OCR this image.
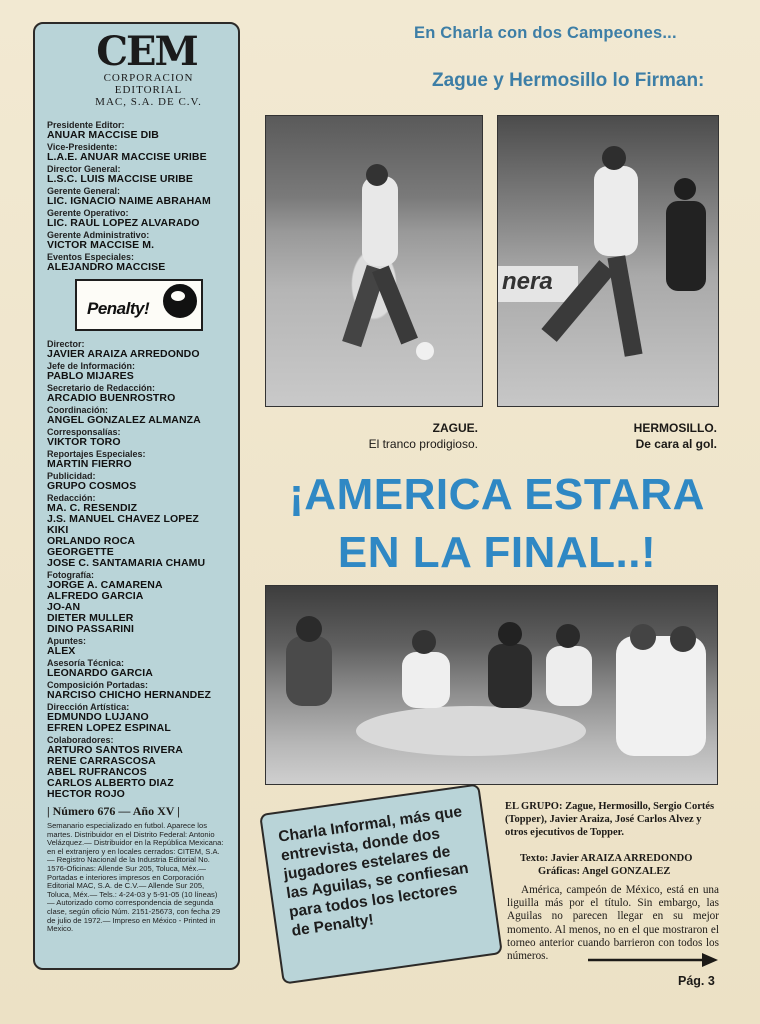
CEM
CORPORACION
EDITORIAL
MAC, S.A. DE C.V.
Presidente Editor:
ANUAR MACCISE DIB
Vice-Presidente:
L.A.E. ANUAR MACCISE URIBE
Director General:
L.S.C. LUIS MACCISE URIBE
Gerente General:
LIC. IGNACIO NAIME ABRAHAM
Gerente Operativo:
LIC. RAUL LOPEZ ALVARADO
Gerente Administrativo:
VICTOR MACCISE M.
Eventos Especiales:
ALEJANDRO MACCISE
Penalty!
Director:
JAVIER ARAIZA ARREDONDO
Jefe de Información:
PABLO MIJARES
Secretario de Redacción:
ARCADIO BUENROSTRO
Coordinación:
ANGEL GONZALEZ ALMANZA
Corresponsalías:
VIKTOR TORO
Reportajes Especiales:
MARTIN FIERRO
Publicidad:
GRUPO COSMOS
Redacción:
MA. C. RESENDIZ
J.S. MANUEL CHAVEZ LOPEZ
KIKI
ORLANDO ROCA
GEORGETTE
JOSE C. SANTAMARIA CHAMU
Fotografía:
JORGE A. CAMARENA
ALFREDO GARCIA
JO-AN
DIETER MULLER
DINO PASSARINI
Apuntes:
ALEX
Asesoría Técnica:
LEONARDO GARCIA
Composición Portadas:
NARCISO CHICHO HERNANDEZ
Dirección Artística:
EDMUNDO LUJANO
EFREN LOPEZ ESPINAL
Colaboradores:
ARTURO SANTOS RIVERA
RENE CARRASCOSA
ABEL RUFRANCOS
CARLOS ALBERTO DIAZ
HECTOR ROJO
| Número 676 — Año XV |
Semanario especializado en futbol. Aparece los martes. Distribuidor en el Distrito Federal: Antonio Velázquez.— Distribuidor en la República Mexicana: en el extranjero y en locales cerrados: CITEM, S.A.— Registro Nacional de la Industria Editorial No. 1576-Oficinas: Allende Sur 205, Toluca, Méx.— Portadas e interiores impresos en Corporación Editorial MAC, S.A. de C.V.— Allende Sur 205, Toluca, Méx.— Tels.: 4-24-03 y 5-91-05 (10 líneas) — Autorizado como correspondencia de segunda clase, según oficio Núm. 2151-25673, con fecha 29 de julio de 1972.— Impreso en México - Printed in Mexico.
En Charla con dos Campeones...
Zague y Hermosillo lo Firman:
nera
ZAGUE.
El tranco prodigioso.
HERMOSILLO.
De cara al gol.
¡AMERICA ESTARA
EN LA FINAL..!
Charla Informal, más que entrevista, donde dos jugadores estelares de las Aguilas, se confiesan para todos los lectores de Penalty!
EL GRUPO: Zague, Hermosillo, Sergio Cortés (Topper), Javier Araiza, José Carlos Alvez y otros ejecutivos de Topper.
Texto: Javier ARAIZA ARREDONDO
Gráficas: Angel GONZALEZ
América, campeón de México, está en una liguilla más por el título. Sin embargo, las Aguilas no parecen llegar en su mejor momento. Al menos, no en el que mostraron el torneo anterior cuando barrieron con todos los números.
Pág. 3
